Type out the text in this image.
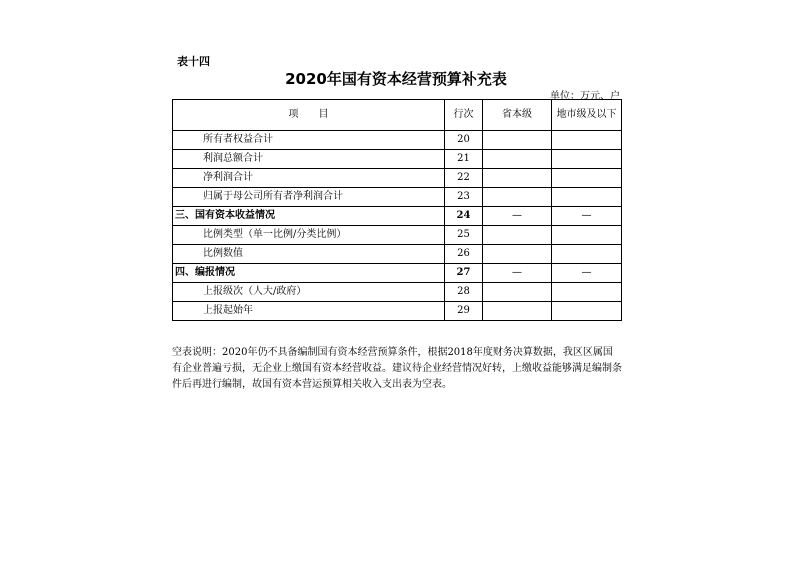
表十四
2020年国有资本经营预算补充表
单位：万元、户
项　　目	行次	省本级	地市级及以下
所有者权益合计	20		
利润总额合计	21		
净利润合计	22		
归属于母公司所有者净利润合计	23		
三、国有资本收益情况	24	—	—
比例类型（单一比例/分类比例）	25		
比例数值	26		
四、编报情况	27	—	—
上报级次（人大/政府）	28		
上报起始年	29		
空表说明：2020年仍不具备编制国有资本经营预算条件，根据2018年度财务决算数据，我区区属国有企业普遍亏损，无企业上缴国有资本经营收益。建议待企业经营情况好转，上缴收益能够满足编制条件后再进行编制，故国有资本营运预算相关收入支出表为空表。
